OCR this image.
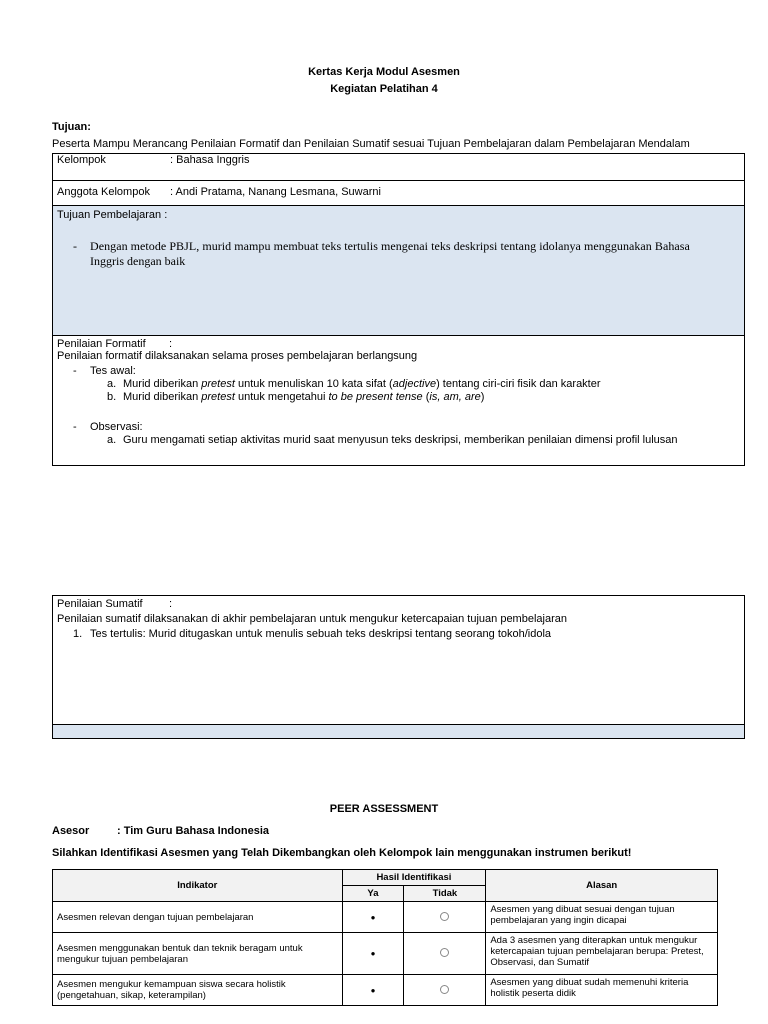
Kertas Kerja Modul Asesmen
Kegiatan Pelatihan 4
Tujuan:
Peserta Mampu Merancang Penilaian Formatif dan Penilaian Sumatif sesuai Tujuan Pembelajaran dalam Pembelajaran Mendalam
Kelompok	: Bahasa Inggris
Anggota Kelompok : Andi Pratama, Nanang Lesmana, Suwarni
Tujuan Pembelajaran :
- Dengan metode PBJL, murid mampu membuat teks tertulis mengenai teks deskripsi tentang idolanya menggunakan Bahasa
Inggris dengan baik
Penilaian Formatif :
Penilaian formatif dilaksanakan selama proses pembelajaran berlangsung
- Tes awal:
a. Murid diberikan pretest untuk menuliskan 10 kata sifat (adjective) tentang ciri-ciri fisik dan karakter
b. Murid diberikan pretest untuk mengetahui to be present tense (is, am, are)
- Observasi:
a. Guru mengamati setiap aktivitas murid saat menyusun teks deskripsi, memberikan penilaian dimensi profil lulusan
Penilaian Sumatif :
Penilaian sumatif dilaksanakan di akhir pembelajaran untuk mengukur ketercapaian tujuan pembelajaran
1. Tes tertulis: Murid ditugaskan untuk menulis sebuah teks deskripsi tentang seorang tokoh/idola
PEER ASSESSMENT
Asesor	: Tim Guru Bahasa Indonesia
Silahkan Identifikasi Asesmen yang Telah Dikembangkan oleh Kelompok lain menggunakan instrumen berikut!
Indikator	Hasil Identifikasi		Alasan
	Ya	Tidak	
Asesmen relevan dengan tujuan pembelajaran	●		Asesmen yang dibuat sesuai dengan tujuan pembelajaran yang ingin dicapai
Asesmen menggunakan bentuk dan teknik beragam untuk mengukur tujuan pembelajaran	●		Ada 3 asesmen yang diterapkan untuk mengukur ketercapaian tujuan pembelajaran berupa: Pretest, Observasi, dan Sumatif
Asesmen mengukur kemampuan siswa secara holistik (pengetahuan, sikap, keterampilan)	●		Asesmen yang dibuat sudah memenuhi kriteria holistik peserta didik
